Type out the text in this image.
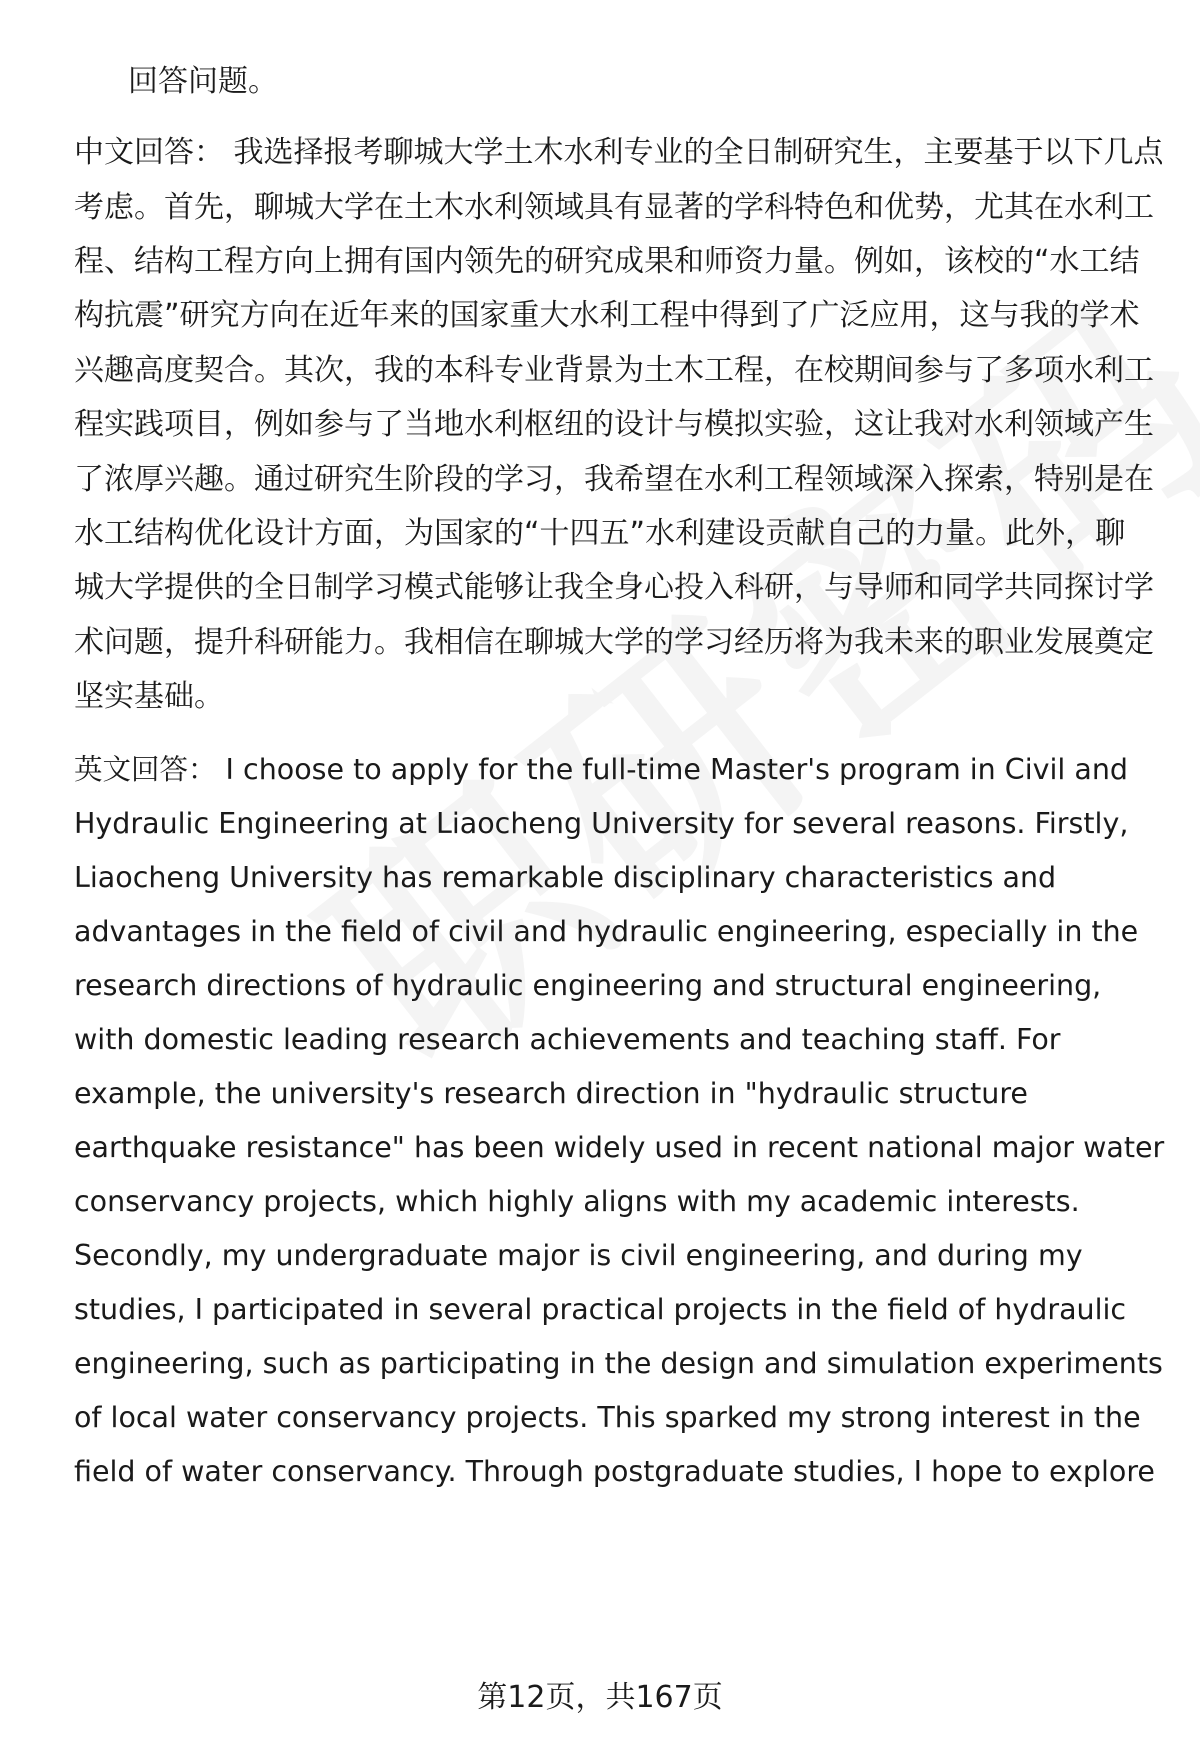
回答问题。

中文回答： 我选择报考聊城大学土木水利专业的全日制研究生，主要基于以下几点

考虑。首先，聊城大学在土木水利领域具有显著的学科特色和优势，尤其在水利工

程、结构工程方向上拥有国内领先的研究成果和师资力量。例如，该校的“水工结

构抗震”研究方向在近年来的国家重大水利工程中得到了广泛应用，这与我的学术

兴趣高度契合。其次，我的本科专业背景为土木工程，在校期间参与了多项水利工

程实践项目，例如参与了当地水利枢纽的设计与模拟实验，这让我对水利领域产生

了浓厚兴趣。通过研究生阶段的学习，我希望在水利工程领域深入探索，特别是在

水工结构优化设计方面，为国家的“十四五”水利建设贡献自己的力量。此外，聊

城大学提供的全日制学习模式能够让我全身心投入科研，与导师和同学共同探讨学

术问题，提升科研能力。我相信在聊城大学的学习经历将为我未来的职业发展奠定

坚实基础。

英文回答： I choose to apply for the full-time Master's program in Civil and

Hydraulic Engineering at Liaocheng University for several reasons. Firstly,

Liaocheng University has remarkable disciplinary characteristics and

advantages in the field of civil and hydraulic engineering, especially in the

research directions of hydraulic engineering and structural engineering,

with domestic leading research achievements and teaching staff. For

example, the university's research direction in "hydraulic structure

earthquake resistance" has been widely used in recent national major water

conservancy projects, which highly aligns with my academic interests.

Secondly, my undergraduate major is civil engineering, and during my

studies, I participated in several practical projects in the field of hydraulic

engineering, such as participating in the design and simulation experiments

of local water conservancy projects. This sparked my strong interest in the

field of water conservancy. Through postgraduate studies, I hope to explore

第12页，共167页
